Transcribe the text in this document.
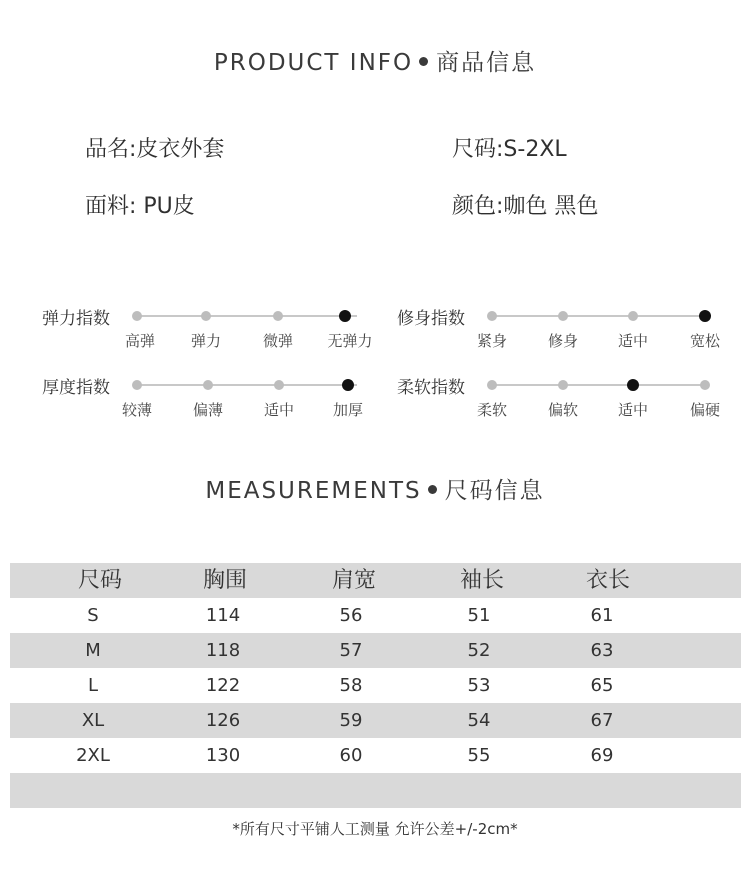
PRODUCT INFO 商品信息
品名:皮衣外套	尺码:S-2XL
面料: PU皮	颜色:咖色 黑色
弹力指数
高弹 弹力	微弹 无弹力
修身指数
紧身	修身	适中	宽松
厚度指数
较薄	偏薄	适中	加厚
柔软指数
柔软	偏软	适中	偏硬
MEASUREMENTS 尺码信息
尺码	胸围	肩宽	袖长	衣长
S	114	56	51	61
M	118	57	52	63
L	122	58	53	65
XL	126	59	54	67
2XL	130	60	55	69
*所有尺寸平铺人工测量 允许公差+/-2cm*
